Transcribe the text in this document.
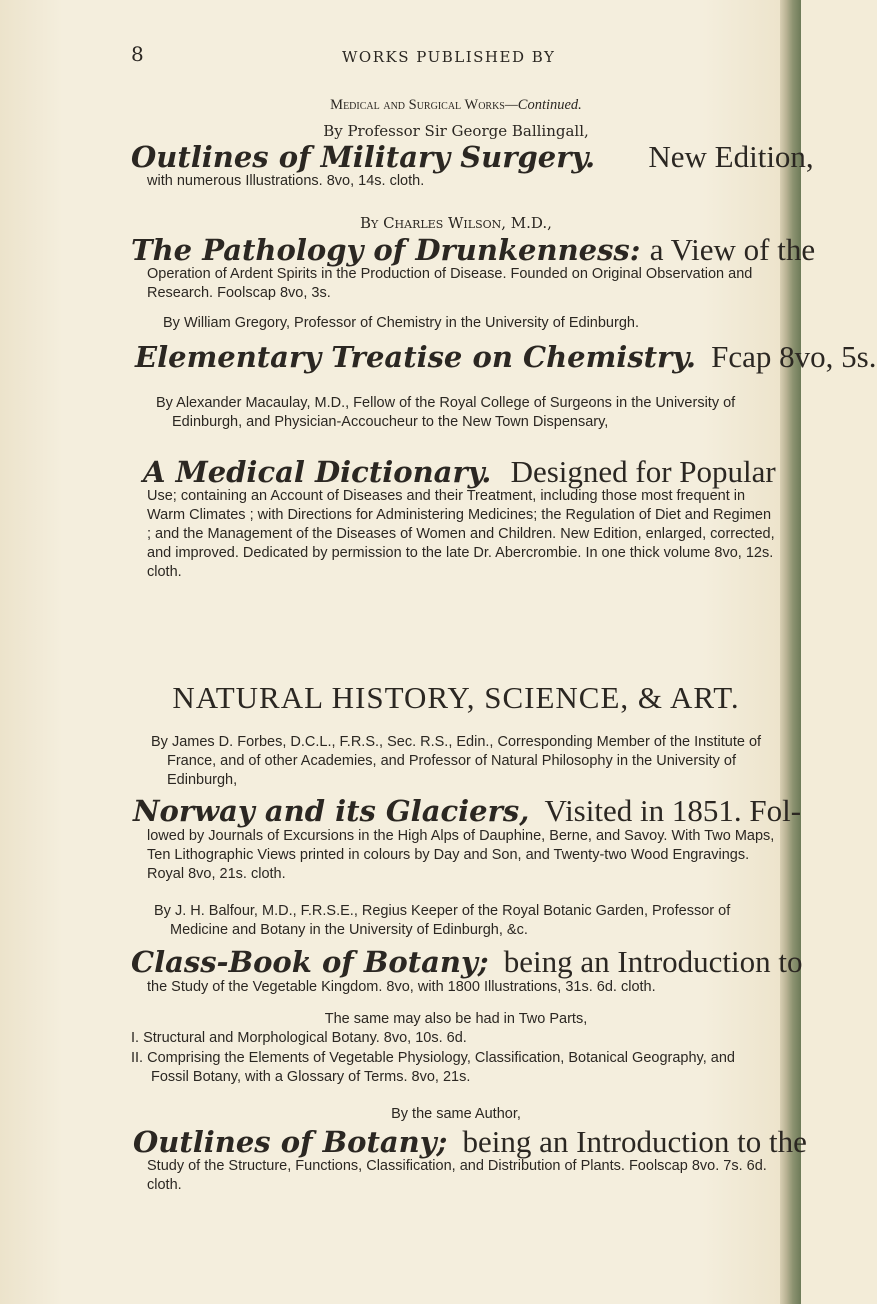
8	WORKS PUBLISHED BY
Medical and Surgical Works—Continued.
By Professor Sir George Ballingall,
Outlines of Military Surgery. New Edition,
with numerous Illustrations. 8vo, 14s. cloth.
By Charles Wilson, M.D.,
The Pathology of Drunkenness: a View of the
Operation of Ardent Spirits in the Production of Disease. Founded on Original Observation and Research. Foolscap 8vo, 3s.
By William Gregory, Professor of Chemistry in the University of Edinburgh.
Elementary Treatise on Chemistry. Fcap 8vo, 5s.
By Alexander Macaulay, M.D., Fellow of the Royal College of Surgeons in the University of Edinburgh, and Physician-Accoucheur to the New Town Dispensary,
A Medical Dictionary. Designed for Popular
Use; containing an Account of Diseases and their Treatment, including those most frequent in Warm Climates ; with Directions for Administering Medicines; the Regulation of Diet and Regimen ; and the Management of the Diseases of Women and Children. New Edition, enlarged, corrected, and improved. Dedicated by permission to the late Dr. Abercrombie. In one thick volume 8vo, 12s. cloth.
NATURAL HISTORY, SCIENCE, & ART.
By James D. Forbes, D.C.L., F.R.S., Sec. R.S., Edin., Corresponding Member of the Institute of France, and of other Academies, and Professor of Natural Philosophy in the University of Edinburgh,
Norway and its Glaciers, Visited in 1851. Fol-
lowed by Journals of Excursions in the High Alps of Dauphine, Berne, and Savoy. With Two Maps, Ten Lithographic Views printed in colours by Day and Son, and Twenty-two Wood Engravings. Royal 8vo, 21s. cloth.
By J. H. Balfour, M.D., F.R.S.E., Regius Keeper of the Royal Botanic Garden, Professor of Medicine and Botany in the University of Edinburgh, &c.
Class-Book of Botany; being an Introduction to
the Study of the Vegetable Kingdom. 8vo, with 1800 Illustrations, 31s. 6d. cloth.
The same may also be had in Two Parts,
I. Structural and Morphological Botany. 8vo, 10s. 6d.
II. Comprising the Elements of Vegetable Physiology, Classification, Botanical Geography, and Fossil Botany, with a Glossary of Terms. 8vo, 21s.
By the same Author,
Outlines of Botany; being an Introduction to the
Study of the Structure, Functions, Classification, and Distribution of Plants. Foolscap 8vo. 7s. 6d. cloth.
